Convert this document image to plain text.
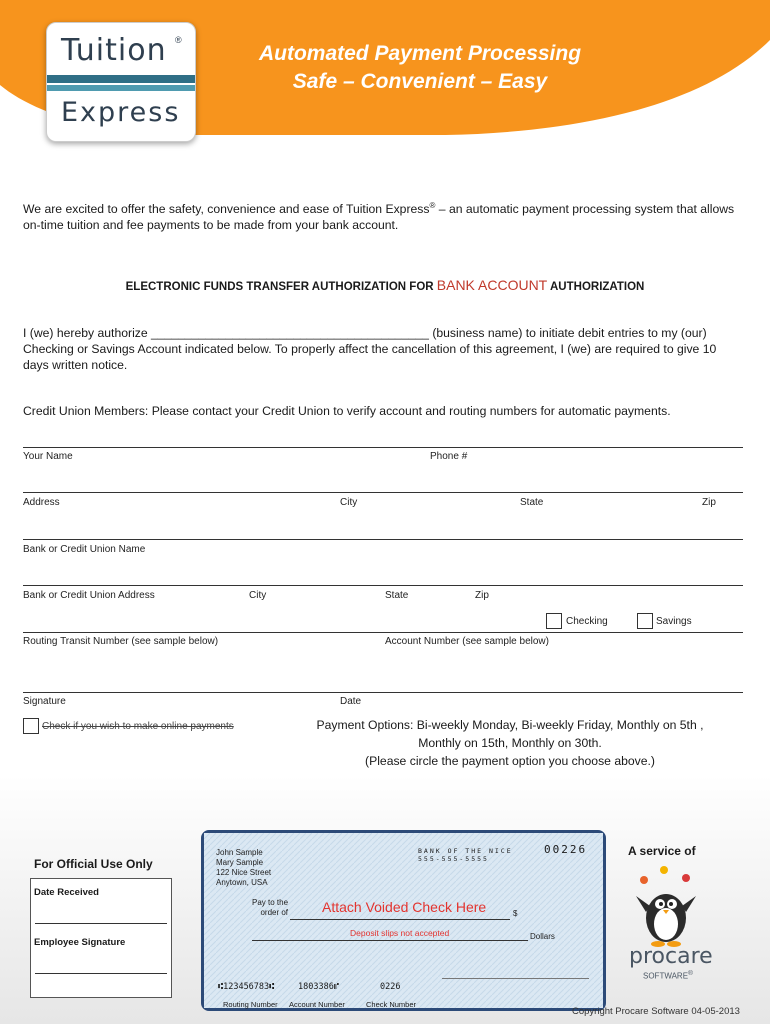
Tuition ®
Express
Automated Payment Processing
Safe – Convenient – Easy
We are excited to offer the safety, convenience and ease of Tuition Express® – an automatic payment processing system that allows on-time tuition and fee payments to be made from your bank account.
ELECTRONIC FUNDS TRANSFER AUTHORIZATION FOR BANK ACCOUNT AUTHORIZATION
I (we) hereby authorize _________________________________________ (business name) to initiate debit entries to my (our) Checking or Savings Account indicated below. To properly affect the cancellation of this agreement, I (we) are required to give 10 days written notice.
Credit Union Members: Please contact your Credit Union to verify account and routing numbers for automatic payments.
Your Name	Phone #
Address	City	State	Zip
Bank or Credit Union Name
Bank or Credit Union Address	City	State	Zip
Checking	Savings
Routing Transit Number (see sample below)	Account Number (see sample below)
Signature	Date
Check if you wish to make online payments	Payment Options: Bi-weekly Monday, Bi-weekly Friday, Monthly on 5th ,
Monthly on 15th, Monthly on 30th.
(Please circle the payment option you choose above.)
For Official Use Only
Date Received
Employee Signature
John Sample
Mary Sample
122 Nice Street
Anytown, USA
BANK OF THE NICE
555-555-5555
00226
Pay to the
order of Attach Voided Check Here	$
Deposit slips not accepted	Dollars
⑆123456783⑆	1803386⑈	0226
Routing Number Account Number	Check Number
A service of
procare
SOFTWARE®
Copyright Procare Software 04-05-2013
